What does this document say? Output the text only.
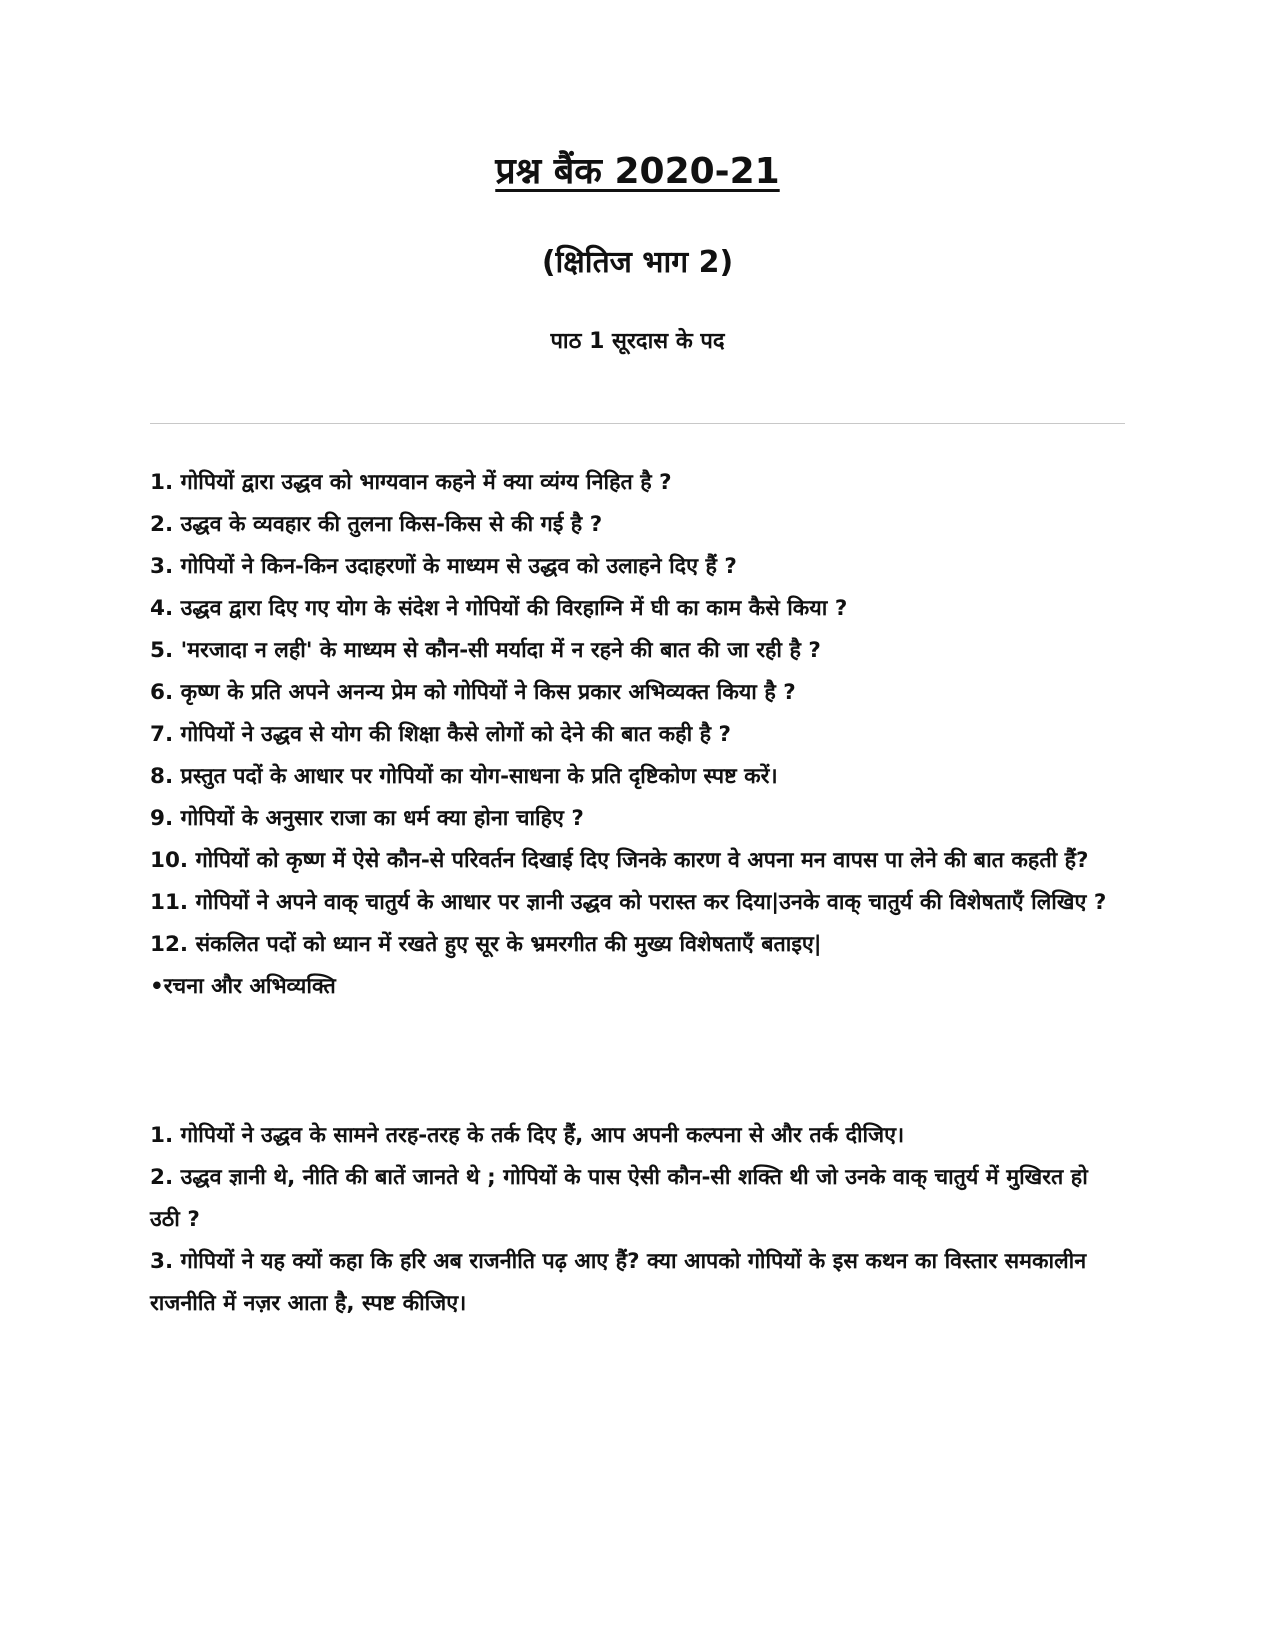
प्रश्न बैंक 2020-21
(क्षितिज भाग 2)
पाठ 1 सूरदास के पद
1. गोपियों द्वारा उद्धव को भाग्यवान कहने में क्या व्यंग्य निहित है ?
2. उद्धव के व्यवहार की तुलना किस-किस से की गई है ?
3. गोपियों ने किन-किन उदाहरणों के माध्यम से उद्धव को उलाहने दिए हैं ?
4. उद्धव द्वारा दिए गए योग के संदेश ने गोपियों की विरहाग्नि में घी का काम कैसे किया ?
5. 'मरजादा न लही' के माध्यम से कौन-सी मर्यादा में न रहने की बात की जा रही है ?
6. कृष्ण के प्रति अपने अनन्य प्रेम को गोपियों ने किस प्रकार अभिव्यक्त किया है ?
7. गोपियों ने उद्धव से योग की शिक्षा कैसे लोगों को देने की बात कही है ?
8. प्रस्तुत पदों के आधार पर गोपियों का योग-साधना के प्रति दृष्टिकोण स्पष्ट करें।
9. गोपियों के अनुसार राजा का धर्म क्या होना चाहिए ?
10. गोपियों को कृष्ण में ऐसे कौन-से परिवर्तन दिखाई दिए जिनके कारण वे अपना मन वापस पा लेने की बात कहती हैं?
11. गोपियों ने अपने वाक् चातुर्य के आधार पर ज्ञानी उद्धव को परास्त कर दिया|उनके वाक् चातुर्य की विशेषताएँ लिखिए ?
12. संकलित पदों को ध्यान में रखते हुए सूर के भ्रमरगीत की मुख्य विशेषताएँ बताइए|
•रचना और अभिव्यक्ति
1. गोपियों ने उद्धव के सामने तरह-तरह के तर्क दिए हैं, आप अपनी कल्पना से और तर्क दीजिए।
2. उद्धव ज्ञानी थे, नीति की बातें जानते थे ; गोपियों के पास ऐसी कौन-सी शक्ति थी जो उनके वाक् चातुर्य में मुखिरत हो उठी ?
3. गोपियों ने यह क्यों कहा कि हरि अब राजनीति पढ़ आए हैं? क्या आपको गोपियों के इस कथन का विस्तार समकालीन राजनीति में नज़र आता है, स्पष्ट कीजिए।
